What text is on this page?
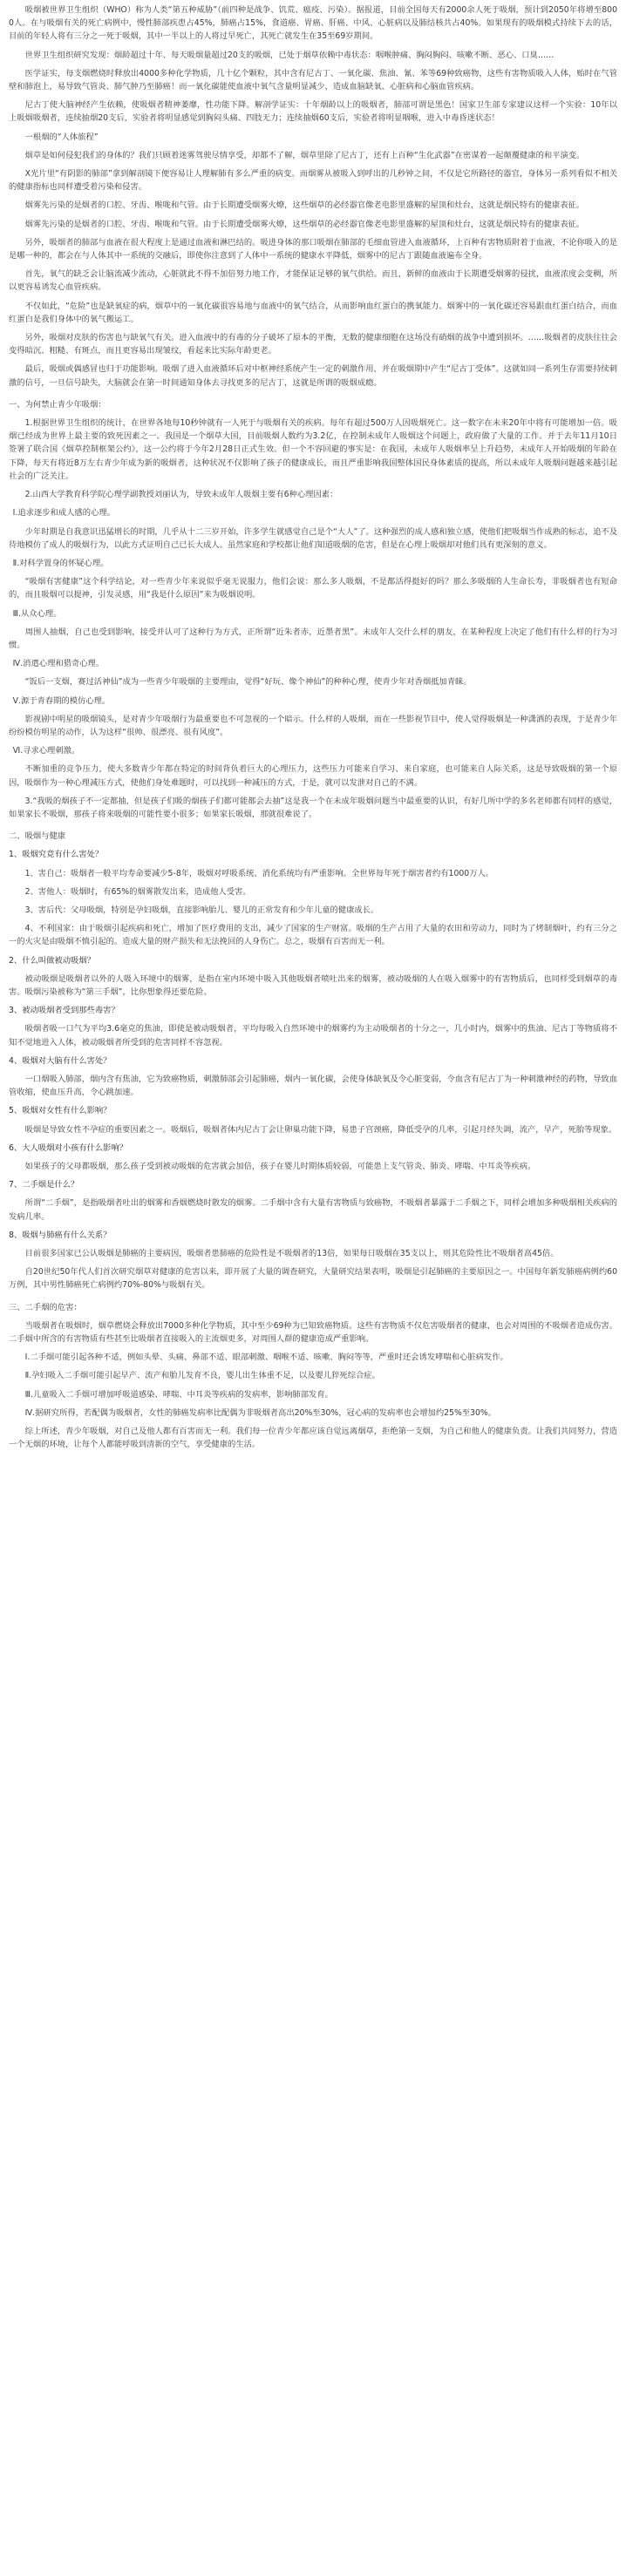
吸烟被世界卫生组织（WHO）称为人类“第五种威胁”（前四种是战争、饥荒、瘟疫、污染）。据报道，目前全国每天有2000余人死于吸烟，预计到2050年将增至8000人。在与吸烟有关的死亡病例中，慢性肺部疾患占45%，肺癌占15%，食道癌、胃癌、肝癌、中风、心脏病以及肺结核共占40%。如果现有的吸烟模式持续下去的话，目前的年轻人将有三分之一死于吸烟，其中一半以上的人将过早死亡，其死亡就发生在35至69岁期间。

世界卫生组织研究发现：烟龄超过十年、每天吸烟量超过20支的吸烟，已处于烟草依赖中毒状态：咽喉肿痛、胸闷胸闷、咳嗽不断、恶心、口臭……

医学证实，每支烟燃烧时释放出4000多种化学物质，几十亿个颗粒，其中含有尼古丁、一氧化碳、焦油、氰、苯等69种致癌物，这些有害物质吸入人体，贻时在气管壁和肺泡上，易导致气管炎、肺气肿乃至肺癌！而一氧化碳能使血液中氧气含量明显减少，造成血脑缺氧、心脏病和心脑血管疾病。

尼古丁使大脑神经产生依赖，使吸烟者精神萎靡，性功能下降。解剖学证实：十年烟龄以上的吸烟者，肺部可谓是黑色！国家卫生部专家建议这样一个实验：10年以上吸烟吸烟者，连续抽烟20支后，实验者将明显感觉到胸闷头痛、四肢无力；连续抽烟60支后，实验者将明显咽喉，进入中毒昏迷状态！

一根烟的“人体旅程”

烟草是如何侵犯我们的身体的？我们只顾着迷雾驾驶尽情享受，却都不了解，烟草里除了尼古丁，还有上百种“生化武器”在密谋着一起颠覆健康的和平演变。

X光片里“有阴影的肺部”拿到解剖镜下便容易让人理解肺有多么严重的病变。而烟雾从被吸入到呼出的几秒钟之间，不仅是它所路径的器官，身体另一系列看似不相关的健康指标也同样遭受着污染和侵害。

烟雾先污染的是烟者的口腔、牙齿、喉咙和气管。由于长期遭受烟雾火燎，这些烟草的必经器官像老电影里盛解的屋顶和灶台，这就是烟民特有的健康表征。

烟雾先污染的是烟者的口腔、牙齿、喉咙和气管。由于长期遭受烟雾火燎，这些烟草的必经器官像老电影里盛解的屋顶和灶台，这就是烟民特有的健康表征。

另外，吸烟者的肺部与血液在很大程度上是通过血液和淋巴结的。吸进身体的那口吸烟在肺部的毛细血管进入血液循环，上百种有害物质附着于血液，不论你吸入的是是哪一种的，都会在与人体其中一系统的交融后，即使你注意到了人体中一系统的健康水平降低，烟雾中的尼古丁跟随血液遍布全身。

首先，氧气的缺乏会让脑流减少流动，心脏就此不得不加倍努力地工作，才能保证足够的氧气供给。而且，新鲜的血液由于长期遭受烟雾的侵扰，血液浓度会变稠，所以更容易诱发心血管疾病。

不仅如此，“危险”也是缺氧症的病，烟草中的一氧化碳很容易地与血液中的氧气结合，从而影响血红蛋白的携氧能力。烟雾中的一氧化碳还容易跟血红蛋白结合，而血红蛋白是我们身体中的氧气搬运工。

另外，吸烟对皮肤的伤害也与缺氧气有关。进入血液中的有毒的分子破坏了原本的平衡，无数的健康细胞在这场没有硝烟的战争中遭到损坏。……吸烟者的皮肤往往会变得暗沉、粗糙、有斑点，而且更容易出现皱纹，看起来比实际年龄更老。

最后，吸烟或偶感冒也归于功能影响。吸烟了进入血液循环后对中枢神经系统产生一定的刺激作用，并在吸烟期中产生“尼古丁受体”。这就如同一系列生存需要持续刺激的信号，一旦信号缺失，大脑就会在第一时间通知身体去寻找更多的尼古丁，这就是所谓的吸烟成瘾。

一、为何禁止青少年吸烟：

1.根据世界卫生组织的统计，在世界各地每10秒钟就有一人死于与吸烟有关的疾病。每年有超过500万人因吸烟死亡。这一数字在未来20年中将有可能增加一倍。吸烟已经成为世界上最主要的致死因素之一。我国是一个烟草大国，目前吸烟人数约为3.2亿，在控制未成年人吸烟这个问题上，政府做了大量的工作。并于去年11月10日签署了联合国《烟草控制框架公约》，这一公约将于今年2月28日正式生效。但一个不容回避的事实是：在我国，未成年人吸烟率呈上升趋势，未成年人开始吸烟的年龄在下降，每天有将近8万左右青少年成为新的吸烟者，这种状况不仅影响了孩子的健康成长，而且严重影响我国整体国民身体素质的提高，所以未成年人吸烟问题越来越引起社会的广泛关注。

2.山西大学教育科学院心理学副教授刘丽认为，导致未成年人吸烟主要有6种心理因素：

Ⅰ.追求逐步和成人感的心理。

少年时期是自我意识迅猛增长的时期，几乎从十二三岁开始，许多学生就感觉自己是个“大人”了。这种强烈的成人感和独立感，使他们把吸烟当作成熟的标志，追不及待地模仿了成人的吸烟行为，以此方式证明自己已长大成人。虽然家庭和学校都让他们知道吸烟的危害，但是在心理上吸烟却对他们具有更深刻的意义。

Ⅱ.对科学置身的怀疑心理。

“吸烟有害健康”这个科学结论，对一些青少年来说似乎毫无说服力，他们会说：那么多人吸烟，不是都活得挺好的吗？那么多吸烟的人生命长寿，非吸烟者也有短命的，而且吸烟可以提神，引发灵感，用“我是什么原因”来为吸烟说明。

Ⅲ.从众心理。

周围人抽烟，自己也受到影响，接受并认可了这种行为方式，正所谓“近朱者赤，近墨者黑”。未成年人交什么样的朋友，在某种程度上决定了他们有什么样的行为习惯。

Ⅳ.消遣心理和猎奇心理。

“饭后一支烟，赛过活神仙”成为一些青少年吸烟的主要理由，觉得“好玩、像个神仙”的种种心理，使青少年对香烟抵加青睐。

Ⅴ.源于青春期的模仿心理。

影视剧中明星的吸烟镜头，是对青少年吸烟行为最重要也不可忽视的一个暗示。什么样的人吸烟，而在一些影视节目中，使人觉得吸烟是一种潇洒的表现，于是青少年纷纷模仿明星的动作，认为这样“很帅、很漂亮、很有风度”。

Ⅵ.寻求心理刺激。

不断加重的竞争压力，使大多数青少年都在特定的时间背负着巨大的心理压力，这些压力可能来自学习、来自家庭，也可能来自人际关系，这是导致吸烟的第一个原因，吸烟作为一种心理减压方式，使他们身处难题时，可以找到一种减压的方式，于是，就可以发泄对自己的不满。

3.“我吸的烟孩子不一定都抽，但是孩子们吸的烟孩子们都可能都会去抽”这是我一个在未成年吸烟问题当中最重要的认识，有好几所中学的多名老师都有同样的感觉，如果家长不吸烟，那孩子将来吸烟的可能性要小很多；如果家长吸烟，那就很难说了。

二、吸烟与健康

1、吸烟究竟有什么害处？

1、害自己：吸烟者一般平均寿命要减少5-8年，吸烟对呼吸系统、消化系统均有严重影响。全世界每年死于烟害者约有1000万人。

2、害他人：吸烟时，有65%的烟雾散发出来，造成他人受害。

3、害后代：父母吸烟，特别是孕妇吸烟，直接影响胎儿、婴儿的正常发育和少年儿童的健康成长。

4、不利国家：由于吸烟引起疾病和死亡，增加了医疗费用的支出，减少了国家的生产财富。吸烟的生产占用了大量的农田和劳动力，同时为了烤制烟叶，约有三分之一的火灾是由吸烟不慎引起的。造成大量的财产损失和无法挽回的人身伤亡。总之，吸烟有百害而无一利。

2、什么叫做被动吸烟？

被动吸烟是吸烟者以外的人吸入环境中的烟雾，是指在室内环境中吸入其他吸烟者喷吐出来的烟雾，被动吸烟的人在吸入烟雾中的有害物质后，也同样受到烟草的毒害。吸烟污染被称为“第三手烟”，比你想象得还要危险。

3、被动吸烟者受到那些毒害？

吸烟者吸一口气为平均3.6毫克的焦油，即使是被动吸烟者，平均每吸入自然环境中的烟雾约为主动吸烟者的十分之一，几小时内，烟雾中的焦油、尼古丁等物质将不知不觉地进入人体，被动吸烟者所受到的危害同样不容忽视。

4、吸烟对大脑有什么害处？

一口烟吸入肺部，烟内含有焦油，它为致癌物质，刺激肺部会引起肺癌，烟内一氧化碳，会使身体缺氧及令心脏变弱，令血含有尼古丁为一种刺激神经的药物，导致血管收缩，使血压升高，令心跳加速。

5、吸烟对女性有什么影响？

吸烟是导致女性不孕症的重要因素之一。吸烟后，吸烟者体内尼古丁会让卵巢功能下降，易患子宫颈癌，降低受孕的几率，引起月经失调，流产，早产，死胎等现象。

6、大人吸烟对小孩有什么影响？

如果孩子的父母都吸烟，那么孩子受到被动吸烟的危害就会加倍，孩子在婴儿时期体质较弱，可能患上支气管炎、肺炎、哮喘、中耳炎等疾病。

7、二手烟是什么？

所谓“二手烟”，是指吸烟者吐出的烟雾和香烟燃烧时散发的烟雾。二手烟中含有大量有害物质与致癌物，不吸烟者暴露于二手烟之下，同样会增加多种吸烟相关疾病的发病几率。

8、吸烟与肺癌有什么关系？

目前很多国家已公认吸烟是肺癌的主要病因，吸烟者患肺癌的危险性是不吸烟者的13倍，如果每日吸烟在35支以上，则其危险性比不吸烟者高45倍。

自20世纪50年代人们首次研究烟草对健康的危害以来，即开展了大量的调查研究，大量研究结果表明，吸烟是引起肺癌的主要原因之一。中国每年新发肺癌病例约60万例，其中男性肺癌死亡病例约70%-80%与吸烟有关。

三、二手烟的危害：

当吸烟者在吸烟时，烟草燃烧会释放出7000多种化学物质，其中至少69种为已知致癌物质。这些有害物质不仅危害吸烟者的健康，也会对周围的不吸烟者造成伤害。二手烟中所含的有害物质有些甚至比吸烟者直接吸入的主流烟更多，对周围人群的健康造成严重影响。

Ⅰ.二手烟可能引起各种不适，例如头晕、头痛、鼻部不适、眼部刺激、咽喉不适、咳嗽、胸闷等等，严重时还会诱发哮喘和心脏病发作。

Ⅱ.孕妇吸入二手烟可能引起早产、流产和胎儿发育不良，婴儿出生体重不足，以及婴儿猝死综合症。

Ⅲ.儿童吸入二手烟可增加呼吸道感染、哮喘、中耳炎等疾病的发病率，影响肺部发育。

Ⅳ.据研究所得，若配偶为吸烟者，女性的肺癌发病率比配偶为非吸烟者高出20%至30%，冠心病的发病率也会增加约25%至30%。

综上所述，青少年吸烟，对自己及他人都有百害而无一利。我们每一位青少年都应该自觉远离烟草，拒绝第一支烟，为自己和他人的健康负责。让我们共同努力，营造一个无烟的环境，让每个人都能呼吸到清新的空气，享受健康的生活。
